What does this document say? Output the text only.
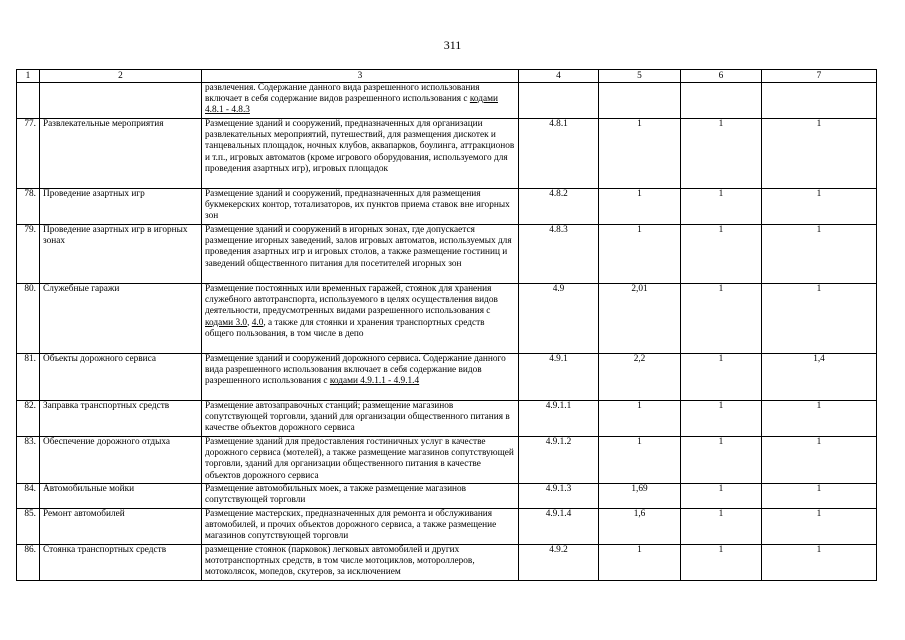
311
1	2	3	4	5	6	7
		развлечения. Содержание данного вида разрешенного использования включает в себя содержание видов разрешенного использования с кодами 4.8.1 - 4.8.3				
77.	Развлекательные мероприятия	Размещение зданий и сооружений, предназначенных для организации развлекательных мероприятий, путешествий, для размещения дискотек и танцевальных площадок, ночных клубов, аквапарков, боулинга, аттракционов и т.п., игровых автоматов (кроме игрового оборудования, используемого для проведения азартных игр), игровых площадок	4.8.1	1	1	1
78.	Проведение азартных игр	Размещение зданий и сооружений, предназначенных для размещения букмекерских контор, тотализаторов, их пунктов приема ставок вне игорных зон	4.8.2	1	1	1
79.	Проведение азартных игр в игорных зонах	Размещение зданий и сооружений в игорных зонах, где допускается размещение игорных заведений, залов игровых автоматов, используемых для проведения азартных игр и игровых столов, а также размещение гостиниц и заведений общественного питания для посетителей игорных зон	4.8.3	1	1	1
80.	Служебные гаражи	Размещение постоянных или временных гаражей, стоянок для хранения служебного автотранспорта, используемого в целях осуществления видов деятельности, предусмотренных видами разрешенного использования с кодами 3.0, 4.0, а также для стоянки и хранения транспортных средств общего пользования, в том числе в депо	4.9	2,01	1	1
81.	Объекты дорожного сервиса	Размещение зданий и сооружений дорожного сервиса. Содержание данного вида разрешенного использования включает в себя содержание видов разрешенного использования с кодами 4.9.1.1 - 4.9.1.4	4.9.1	2,2	1	1,4
82.	Заправка транспортных средств	Размещение автозаправочных станций; размещение магазинов сопутствующей торговли, зданий для организации общественного питания в качестве объектов дорожного сервиса	4.9.1.1	1	1	1
83.	Обеспечение дорожного отдыха	Размещение зданий для предоставления гостиничных услуг в качестве дорожного сервиса (мотелей), а также размещение магазинов сопутствующей торговли, зданий для организации общественного питания в качестве объектов дорожного сервиса	4.9.1.2	1	1	1
84.	Автомобильные мойки	Размещение автомобильных моек, а также размещение магазинов сопутствующей торговли	4.9.1.3	1,69	1	1
85.	Ремонт автомобилей	Размещение мастерских, предназначенных для ремонта и обслуживания автомобилей, и прочих объектов дорожного сервиса, а также размещение магазинов сопутствующей торговли	4.9.1.4	1,6	1	1
86.	Стоянка транспортных средств	размещение стоянок (парковок) легковых автомобилей и других мототранспортных средств, в том числе мотоциклов, мотороллеров, мотоколясок, мопедов, скутеров, за исключением	4.9.2	1	1	1
